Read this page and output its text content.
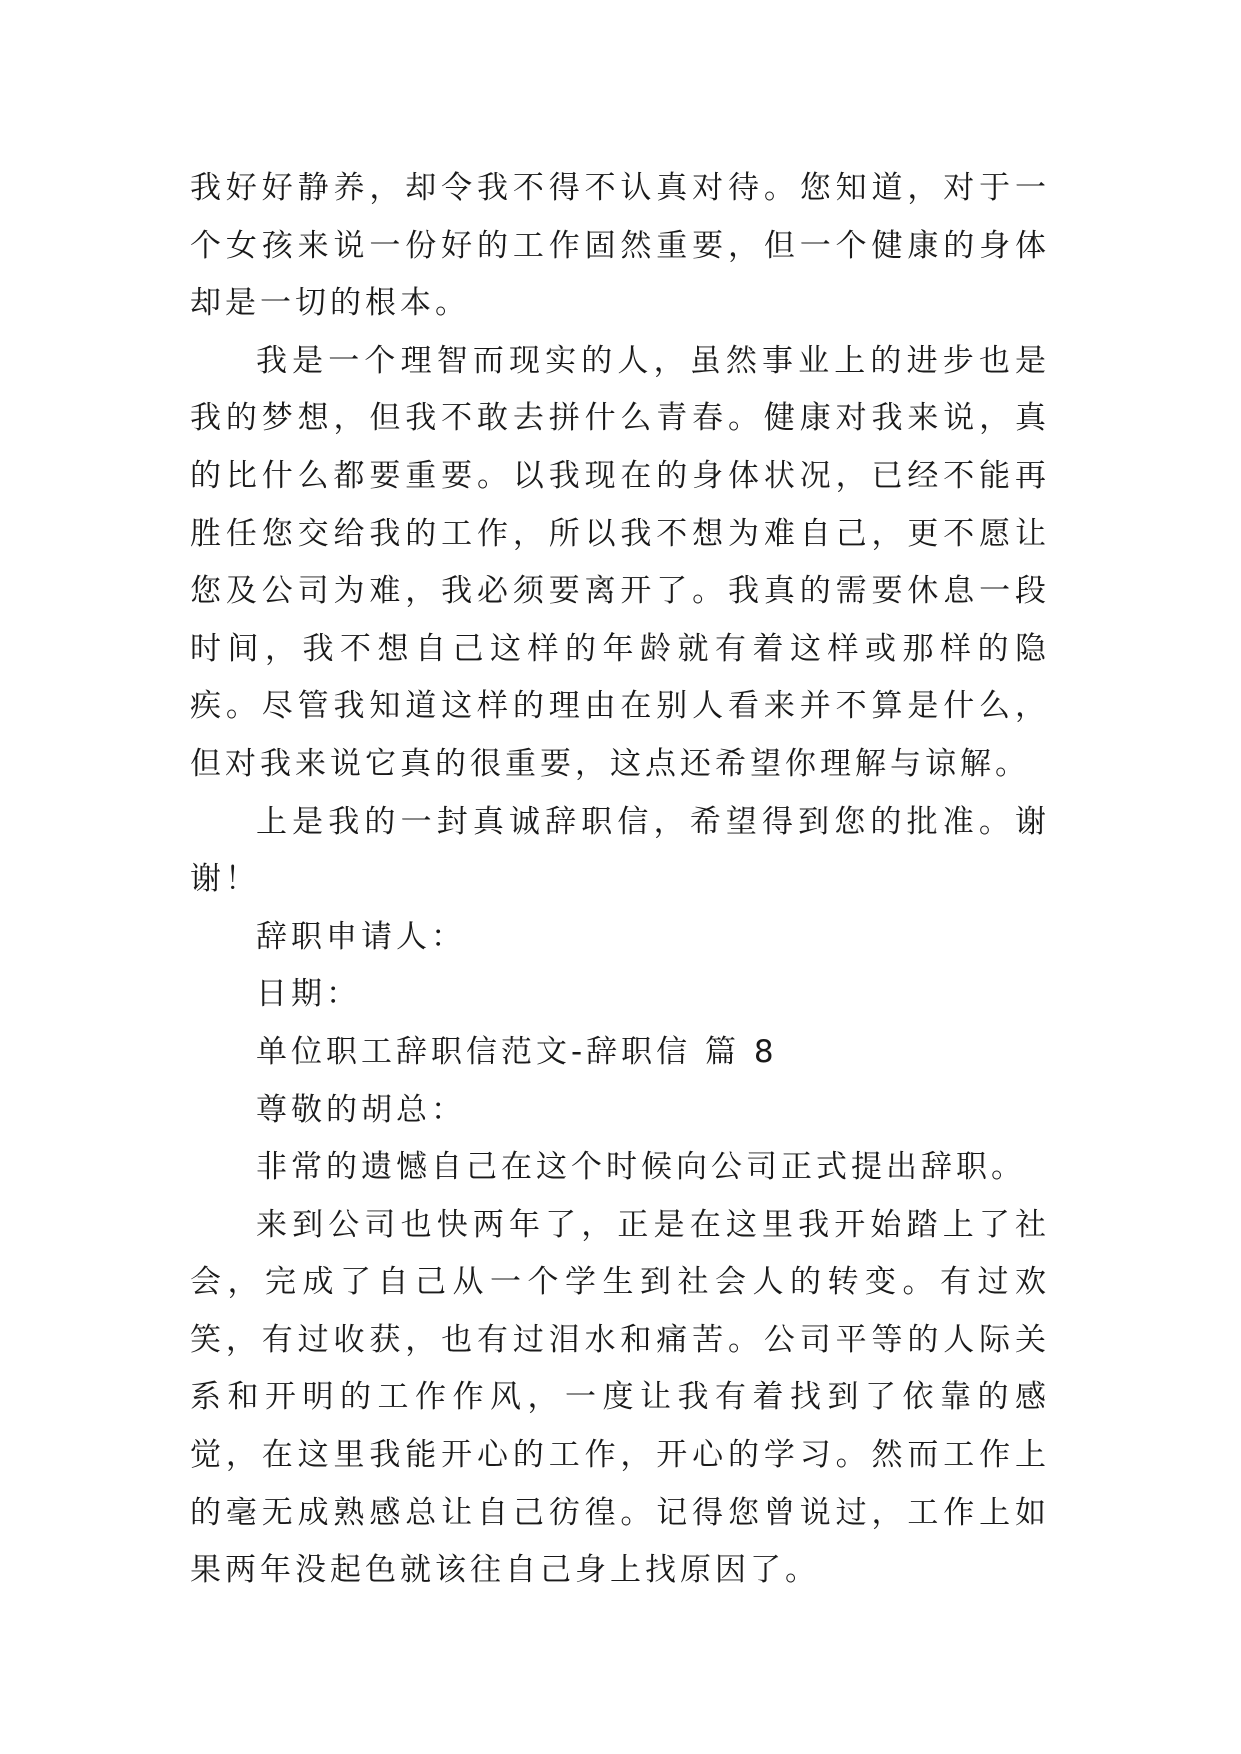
我好好静养，却令我不得不认真对待。您知道，对于一个女孩来说一份好的工作固然重要，但一个健康的身体却是一切的根本。

我是一个理智而现实的人，虽然事业上的进步也是我的梦想，但我不敢去拼什么青春。健康对我来说，真的比什么都要重要。以我现在的身体状况，已经不能再胜任您交给我的工作，所以我不想为难自己，更不愿让您及公司为难，我必须要离开了。我真的需要休息一段时间，我不想自己这样的年龄就有着这样或那样的隐疾。尽管我知道这样的理由在别人看来并不算是什么，但对我来说它真的很重要，这点还希望你理解与谅解。

上是我的一封真诚辞职信，希望得到您的批准。谢谢！

辞职申请人：

日期：

单位职工辞职信范文-辞职信 篇 8

尊敬的胡总：

非常的遗憾自己在这个时候向公司正式提出辞职。

来到公司也快两年了，正是在这里我开始踏上了社会，完成了自己从一个学生到社会人的转变。有过欢笑，有过收获，也有过泪水和痛苦。公司平等的人际关系和开明的工作作风，一度让我有着找到了依靠的感觉，在这里我能开心的工作，开心的学习。然而工作上的毫无成熟感总让自己彷徨。记得您曾说过，工作上如果两年没起色就该往自己身上找原因了。
